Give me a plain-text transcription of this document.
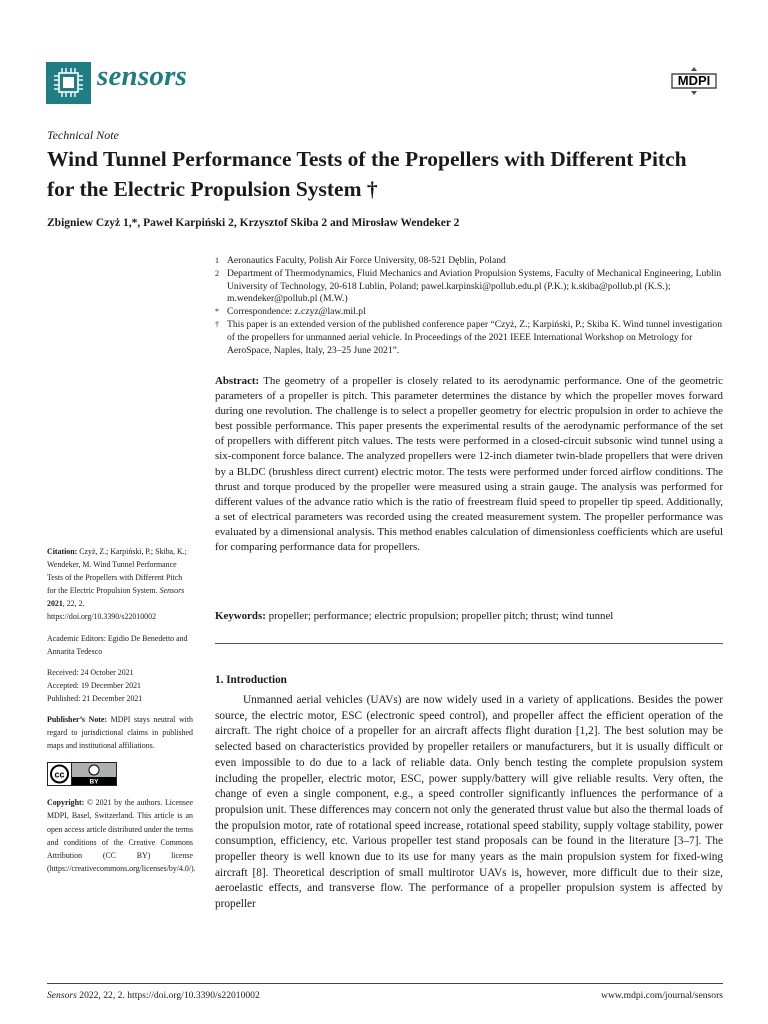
sensors	MDPI
Technical Note
Wind Tunnel Performance Tests of the Propellers with Different Pitch for the Electric Propulsion System †
Zbigniew Czyż 1,*, Paweł Karpiński 2, Krzysztof Skiba 2 and Mirosław Wendeker 2
1 Aeronautics Faculty, Polish Air Force University, 08-521 Dęblin, Poland
2 Department of Thermodynamics, Fluid Mechanics and Aviation Propulsion Systems, Faculty of Mechanical Engineering, Lublin University of Technology, 20-618 Lublin, Poland; pawel.karpinski@pollub.edu.pl (P.K.); k.skiba@pollub.pl (K.S.); m.wendeker@pollub.pl (M.W.)
* Correspondence: z.czyz@law.mil.pl
† This paper is an extended version of the published conference paper “Czyż, Z.; Karpiński, P.; Skiba K. Wind tunnel investigation of the propellers for unmanned aerial vehicle. In Proceedings of the 2021 IEEE International Workshop on Metrology for AeroSpace, Naples, Italy, 23–25 June 2021”.
Abstract: The geometry of a propeller is closely related to its aerodynamic performance. One of the geometric parameters of a propeller is pitch. This parameter determines the distance by which the propeller moves forward during one revolution. The challenge is to select a propeller geometry for electric propulsion in order to achieve the best possible performance. This paper presents the experimental results of the aerodynamic performance of the set of propellers with different pitch values. The tests were performed in a closed-circuit subsonic wind tunnel using a six-component force balance. The analyzed propellers were 12-inch diameter twin-blade propellers that were driven by a BLDC (brushless direct current) electric motor. The tests were performed under forced airflow conditions. The thrust and torque produced by the propeller were measured using a strain gauge. The analysis was performed for different values of the advance ratio which is the ratio of freestream fluid speed to propeller tip speed. Additionally, a set of electrical parameters was recorded using the created measurement system. The propeller performance was evaluated by a dimensional analysis. This method enables calculation of dimensionless coefficients which are useful for comparing performance data for propellers.
Keywords: propeller; performance; electric propulsion; propeller pitch; thrust; wind tunnel
1. Introduction
Unmanned aerial vehicles (UAVs) are now widely used in a variety of applications. Besides the power source, the electric motor, ESC (electronic speed control), and propeller affect the efficient operation of the aircraft. The right choice of a propeller for an aircraft affects flight duration [1,2]. The best solution may be selected based on characteristics provided by propeller retailers or manufacturers, but it is usually difficult or even impossible to do due to a lack of reliable data. Only bench testing the complete propulsion system including the propeller, electric motor, ESC, power supply/battery will give reliable results. Very often, the change of even a single component, e.g., a speed controller significantly influences the performance of a propulsion unit. These differences may concern not only the generated thrust value but also the thermal loads of the propulsion motor, rate of rotational speed increase, rotational speed stability, supply voltage stability, power consumption, efficiency, etc. Various propeller test stand proposals can be found in the literature [3–7]. The propeller theory is well known due to its use for many years as the main propulsion system for fixed-wing aircraft [8]. Theoretical description of small multirotor UAVs is, however, more difficult due to their size, aeroelastic effects, and transverse flow. The performance of a propeller propulsion system is affected by propeller

Citation: Czyż, Z.; Karpiński, P.; Skiba, K.; Wendeker, M. Wind Tunnel Performance Tests of the Propellers with Different Pitch for the Electric Propulsion System. Sensors 2021, 22, 2. https://doi.org/10.3390/s22010002

Academic Editors: Egidio De Benedetto and Annarita Tedesco

Received: 24 October 2021

Accepted: 19 December 2021

Published: 21 December 2021

Publisher’s Note: MDPI stays neutral with regard to jurisdictional claims in published maps and institutional affiliations.

cc
BY

Copyright: © 2021 by the authors. Licensee MDPI, Basel, Switzerland. This article is an open access article distributed under the terms and conditions of the Creative Commons Attribution (CC BY) license (https://creativecommons.org/licenses/by/4.0/).

Sensors 2022, 22, 2. https://doi.org/10.3390/s22010002	www.mdpi.com/journal/sensors
